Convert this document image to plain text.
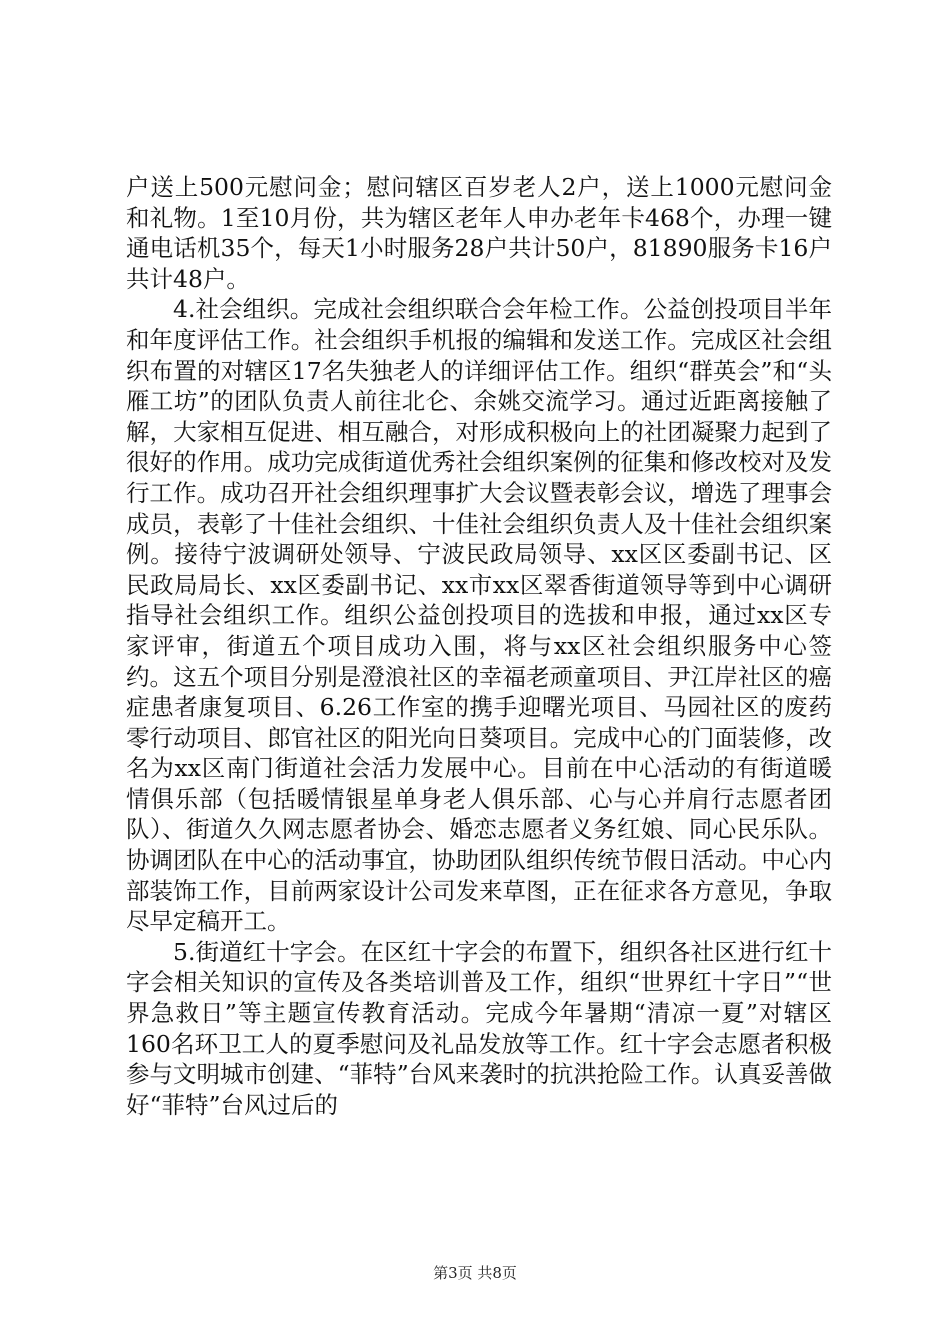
户送上500元慰问金；慰问辖区百岁老人2户，送上1000元慰问金和礼物。1至10月份，共为辖区老年人申办老年卡468个，办理一键通电话机35个，每天1小时服务28户共计50户，81890服务卡16户共计48户。

4.社会组织。完成社会组织联合会年检工作。公益创投项目半年和年度评估工作。社会组织手机报的编辑和发送工作。完成区社会组织布置的对辖区17名失独老人的详细评估工作。组织“群英会”和“头雁工坊”的团队负责人前往北仑、余姚交流学习。通过近距离接触了解，大家相互促进、相互融合，对形成积极向上的社团凝聚力起到了很好的作用。成功完成街道优秀社会组织案例的征集和修改校对及发行工作。成功召开社会组织理事扩大会议暨表彰会议，增选了理事会成员，表彰了十佳社会组织、十佳社会组织负责人及十佳社会组织案例。接待宁波调研处领导、宁波民政局领导、xx区区委副书记、区民政局局长、xx区委副书记、xx市xx区翠香街道领导等到中心调研指导社会组织工作。组织公益创投项目的选拔和申报，通过xx区专家评审，街道五个项目成功入围，将与xx区社会组织服务中心签约。这五个项目分别是澄浪社区的幸福老顽童项目、尹江岸社区的癌症患者康复项目、6.26工作室的携手迎曙光项目、马园社区的废药零行动项目、郎官社区的阳光向日葵项目。完成中心的门面装修，改名为xx区南门街道社会活力发展中心。目前在中心活动的有街道暖情俱乐部（包括暖情银星单身老人俱乐部、心与心并肩行志愿者团队）、街道久久网志愿者协会、婚恋志愿者义务红娘、同心民乐队。协调团队在中心的活动事宜，协助团队组织传统节假日活动。中心内部装饰工作，目前两家设计公司发来草图，正在征求各方意见，争取尽早定稿开工。

5.街道红十字会。在区红十字会的布置下，组织各社区进行红十字会相关知识的宣传及各类培训普及工作，组织“世界红十字日”“世界急救日”等主题宣传教育活动。完成今年暑期“清凉一夏”对辖区160名环卫工人的夏季慰问及礼品发放等工作。红十字会志愿者积极参与文明城市创建、“菲特”台风来袭时的抗洪抢险工作。认真妥善做好“菲特”台风过后的

第3页 共8页
